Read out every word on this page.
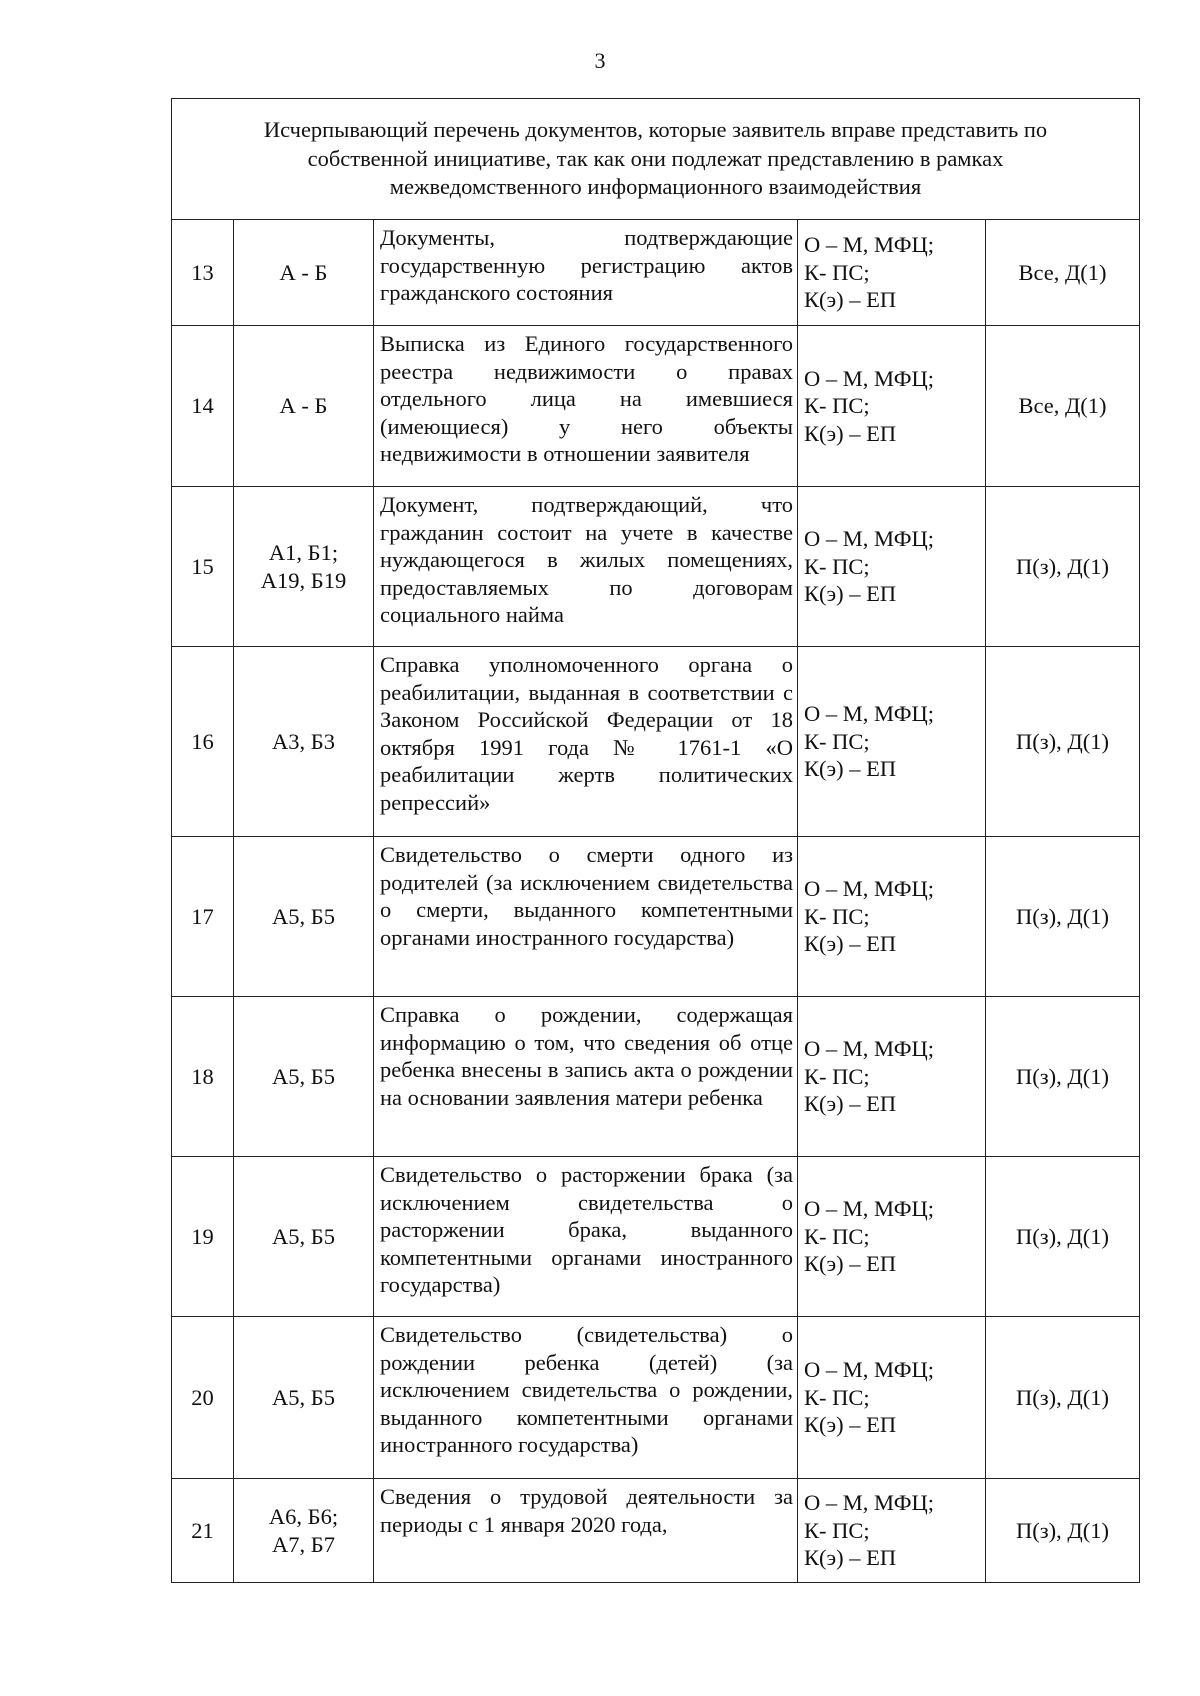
3
Исчерпывающий перечень документов, которые заявитель вправе представить по
собственной инициативе, так как они подлежат представлению в рамках
межведомственного информационного взаимодействия				

13	А - Б	Документы, подтверждающие государственную регистрацию актов гражданского состояния	О – М, МФЦ;
К- ПС;
К(э) – ЕП	Все, Д(1)
14	А - Б	Выписка из Единого государственного реестра недвижимости о правах отдельного лица на имевшиеся (имеющиеся) у него объекты недвижимости в отношении заявителя	О – М, МФЦ;
К- ПС;
К(э) – ЕП	Все, Д(1)
15	А1, Б1;
А19, Б19	Документ, подтверждающий, что гражданин состоит на учете в качестве нуждающегося в жилых помещениях, предоставляемых по договорам социального найма	О – М, МФЦ;
К- ПС;
К(э) – ЕП	П(з), Д(1)
16	А3, Б3	Справка уполномоченного органа о реабилитации, выданная в соответствии с Законом Российской Федерации от 18 октября 1991 года № 1761-1 «О реабилитации жертв политических репрессий»	О – М, МФЦ;
К- ПС;
К(э) – ЕП	П(з), Д(1)
17	А5, Б5	Свидетельство о смерти одного из родителей (за исключением свидетельства о смерти, выданного компетентными органами иностранного государства)	О – М, МФЦ;
К- ПС;
К(э) – ЕП	П(з), Д(1)
18	А5, Б5	Справка о рождении, содержащая информацию о том, что сведения об отце ребенка внесены в запись акта о рождении на основании заявления матери ребенка	О – М, МФЦ;
К- ПС;
К(э) – ЕП	П(з), Д(1)
19	А5, Б5	Свидетельство о расторжении брака (за исключением свидетельства о расторжении брака, выданного компетентными органами иностранного государства)	О – М, МФЦ;
К- ПС;
К(э) – ЕП	П(з), Д(1)
20	А5, Б5	Свидетельство (свидетельства) о рождении ребенка (детей) (за исключением свидетельства о рождении, выданного компетентными органами иностранного государства)	О – М, МФЦ;
К- ПС;
К(э) – ЕП	П(з), Д(1)
21	А6, Б6;
А7, Б7	Сведения о трудовой деятельности за периоды с 1 января 2020 года,	О – М, МФЦ;
К- ПС;
К(э) – ЕП	П(з), Д(1)
